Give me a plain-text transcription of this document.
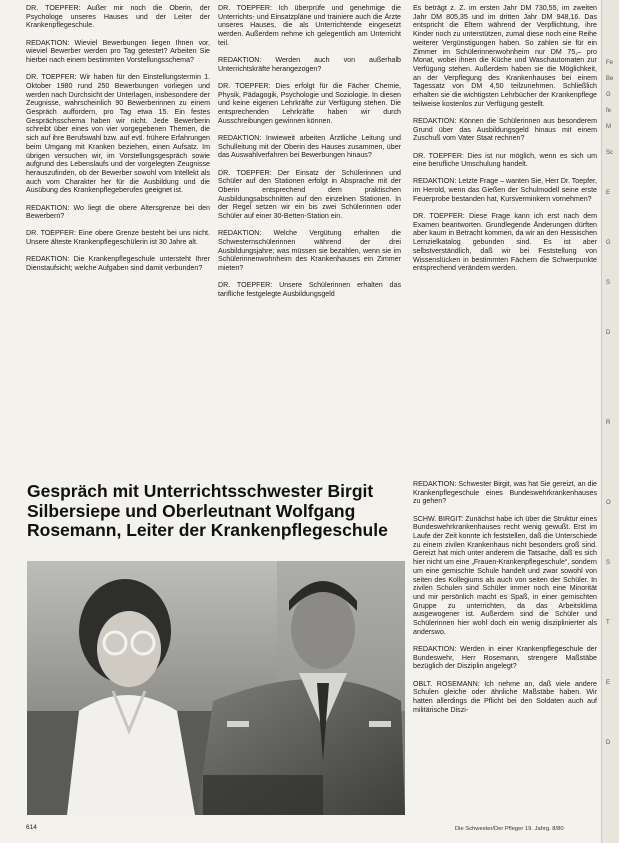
DR. TOEPFER: Außer mir noch die Oberin, der Psychologe unseres Hauses und der Leiter der Krankenpflegeschule.

REDAKTION: Wieviel Bewerbungen liegen Ihnen vor, wieviel Bewerber werden pro Tag getestet? Arbeiten Sie hierbei nach einem bestimmten Vorstellungsschema?

DR. TOEPFER: Wir haben für den Einstellungstermin 1. Oktober 1980 rund 250 Bewerbungen vorliegen und werden nach Durchsicht der Unterlagen, insbesondere der Zeugnisse, wahrscheinlich 90 Bewerberinnen zu einem Gespräch auffordern, pro Tag etwa 15. Ein festes Gesprächsschema haben wir nicht. Jede Bewerberin schreibt über eines von vier vorgegebenen Themen, die sich auf ihre Berufswahl bzw. auf evtl. frühere Erfahrungen beim Umgang mit Kranken beziehen, einen Aufsatz. Im übrigen versuchen wir, im Vorstellungsgespräch sowie aufgrund des Lebenslaufs und der vorgelegten Zeugnisse herauszufinden, ob der Bewerber sowohl vom Intellekt als auch vom Charakter her für die Ausbildung und die Ausübung des Krankenpflegeberufes geeignet ist.

REDAKTION: Wo liegt die obere Altersgrenze bei den Bewerbern?

DR. TOEPFER: Eine obere Grenze besteht bei uns nicht. Unsere älteste Krankenpflegeschülerin ist 30 Jahre alt.

REDAKTION: Die Krankenpflegeschule untersteht Ihrer Dienstaufsicht; welche Aufgaben sind damit verbunden?

DR. TOEPFER: Ich überprüfe und genehmige die Unterrichts- und Einsatzpläne und trainiere auch die Ärzte unseres Hauses, die als Unterrichtende eingesetzt werden. Außerdem nehme ich gelegentlich am Unterricht teil.

REDAKTION: Werden auch von außerhalb Unterrichtskräfte herangezogen?

DR. TOEPFER: Dies erfolgt für die Fächer Chemie, Physik, Pädagogik, Psychologie und Soziologie. In diesen und keine eigenen Lehrkräfte zur Verfügung stehen. Die entsprechenden Lehrkräfte haben wir durch Ausschreibungen gewinnen können.

REDAKTION: Inwieweit arbeiten Ärztliche Leitung und Schulleitung mit der Oberin des Hauses zusammen, über das Auswahlverfahren bei Bewerbungen hinaus?

DR. TOEPFER: Der Einsatz der Schülerinnen und Schüler auf den Stationen erfolgt in Absprache mit der Oberin entsprechend dem praktischen Ausbildungsabschnitten auf den einzelnen Stationen. In der Regel setzen wir ein bis zwei Schülerinnen oder Schüler auf einer 30-Betten-Station ein.

REDAKTION: Welche Vergütung erhalten die Schwesternschülerinnen während der drei Ausbildungsjahre; was müssen sie bezahlen, wenn sie im Schülerinnenwohnheim des Krankenhauses ein Zimmer mieten?

DR. TOEPFER: Unsere Schülerinnen erhalten das tarifliche festgelegte Ausbildungsgeld

Es beträgt z. Z. im ersten Jahr DM 730,55, im zweiten Jahr DM 805,35 und im dritten Jahr DM 948,16. Das entspricht die Eltern während der Verpflichtung, ihre Kinder noch zu unterstützen, zumal diese noch eine Reihe weiterer Vergünstigungen haben. So zahlen sie für ein Zimmer im Schülerinnenwohnheim nur DM 75,– pro Monat, wobei ihnen die Küche und Waschautomaten zur Verfügung stehen. Außerdem haben sie die Möglichkeit, an der Verpflegung des Krankenhauses bei einem Tagessatz von DM 4,50 teilzunehmen. Schließlich erhalten sie die wichtigsten Lehrbücher der Krankenpflege teilweise kostenlos zur Verfügung gestellt.

REDAKTION: Können die Schülerinnen aus besonderem Grund über das Ausbildungsgeld hinaus mit einem Zuschuß vom Vater Staat rechnen?

DR. TOEPFER: Dies ist nur möglich, wenn es sich um eine berufliche Umschulung handelt.

REDAKTION: Letzte Frage – wanten Sie, Herr Dr. Toepfer, im Herold, wenn das Gießen der Schulmodell seine erste Feuerprobe bestanden hat, Kursverminkern vornehmen?

DR. TOEPFER: Diese Frage kann ich erst nach dem Examen beantworten. Grundlegende Änderungen dürften aber kaum in Betracht kommen, da wir an den Hessischen Lernzielkatalog gebunden sind. Es ist aber selbstverständlich, daß wir bei Feststellung von Wissenslücken in bestimmten Fächern die Schwerpunkte entsprechend verändern werden.

REDAKTION: Schwester Birgit, was hat Sie gereizt, an die Krankenpflegeschule eines Bundeswehrkrankenhauses zu gehen?

SCHW. BIRGIT: Zunächst habe ich über die Struktur eines Bundeswehrkrankenhauses recht wenig gewußt. Erst im Laufe der Zeit konnte ich feststellen, daß die Unterschiede zu einem zivilen Krankenhaus nicht besonders groß sind. Gereizt hat mich unter anderem die Tatsache, daß es sich hier nicht um eine „Frauen-Krankenpflegeschule“, sondern um eine gemischte Schule handelt und zwar sowohl von seiten des Kollegiums als auch von seiten der Schüler. In zivilen Schulen sind Schüler immer noch eine Minorität und mir persönlich macht es Spaß, in einer gemischten Gruppe zu unterrichten, da das Arbeitsklima ausgewogener ist. Außerdem sind die Schüler und Schülerinnen hier wohl doch ein wenig disziplinierter als anderswo.

REDAKTION: Werden in einer Krankenpflegeschule der Bundeswehr, Herr Rosemann, strengere Maßstäbe bezüglich der Disziplin angelegt?

OBLT. ROSEMANN: Ich nehme an, daß viele andere Schulen gleiche oder ähnliche Maßstäbe haben. Wir hatten allerdings die Pflicht bei den Soldaten auch auf militärische Diszi-

Gespräch mit Unterrichtsschwester Birgit Silbersiepe und Oberleutnant Wolfgang Rosemann, Leiter der Krankenpflegeschule
Fe
Be
G
fe
M
Sc
E
G
S
D
R
O
S
T
E
D
614	Die Schwester/Der Pfleger 19. Jahrg. 8/80
